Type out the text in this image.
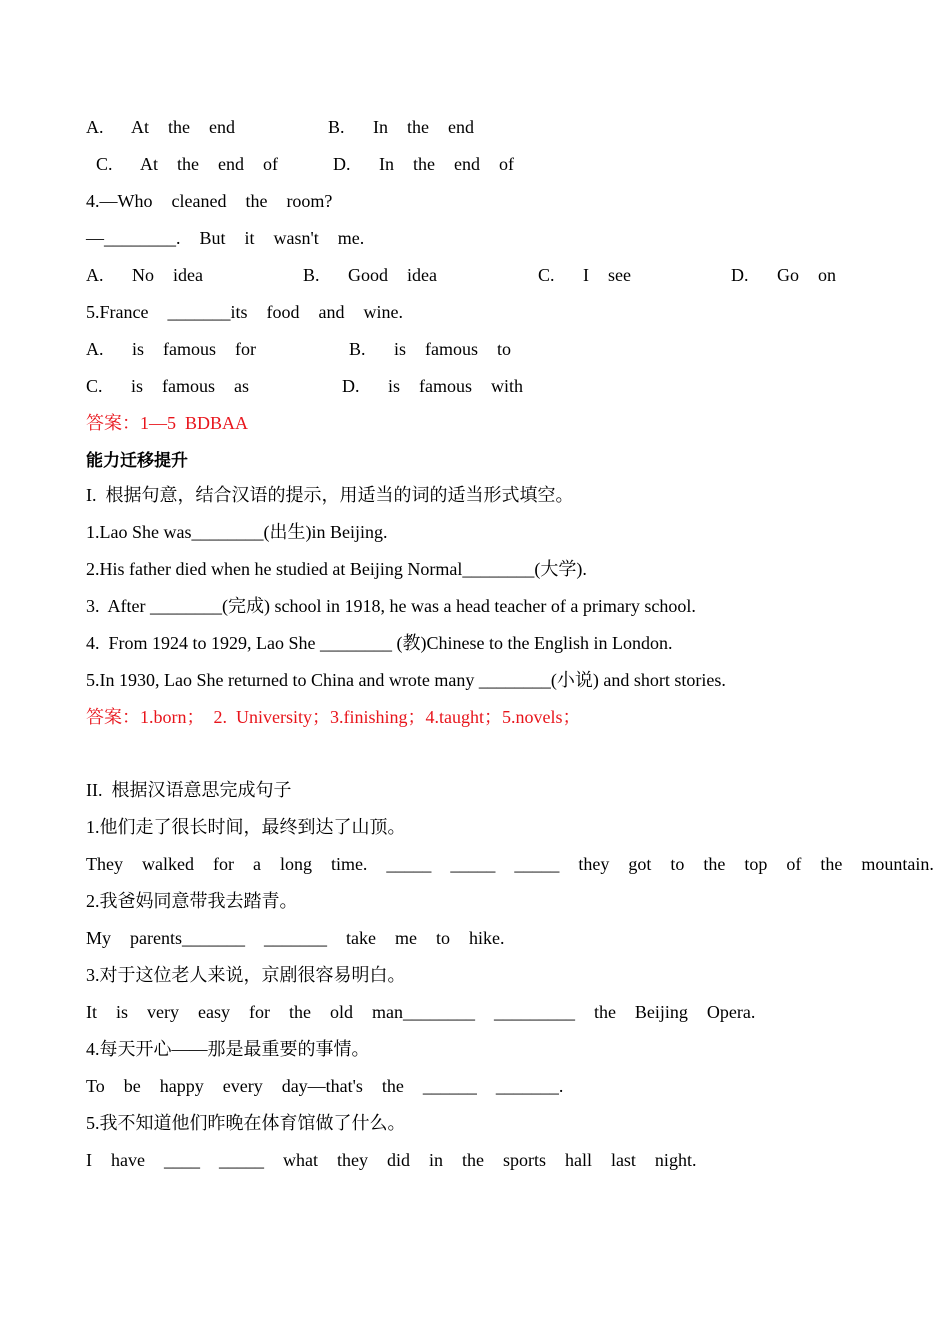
A.   At  the  end	B.   In  the  end
C.   At  the  end  of	D.   In  the  end  of
4.—Who  cleaned  the  room?
—________.  But  it  wasn't  me.
A.   No  idea	B.   Good  idea	C.   I  see	D.   Go  on
5.France  _______its  food  and  wine.
A.   is  famous  for	B.   is  famous  to
C.   is  famous  as	D.   is  famous  with
答案：1—5  BDBAA
能力迁移提升
I.  根据句意，结合汉语的提示，用适当的词的适当形式填空。
1.Lao She was________(出生)in Beijing.
2.His father died when he studied at Beijing Normal________(大学).
3.  After ________(完成) school in 1918, he was a head teacher of a primary school.
4.  From 1924 to 1929, Lao She ________ (教)Chinese to the English in London.
5.In 1930, Lao She returned to China and wrote many ________(小说) and short stories.
答案：1.born；  2.  University；3.finishing；4.taught；5.novels；
II.  根据汉语意思完成句子
1.他们走了很长时间，最终到达了山顶。
They  walked  for  a  long  time.  _____  _____  _____  they  got  to  the  top  of  the  mountain.
2.我爸妈同意带我去踏青。
My  parents_______  _______  take  me  to  hike.
3.对于这位老人来说，京剧很容易明白。
It  is  very  easy  for  the  old  man________  _________  the  Beijing  Opera.
4.每天开心——那是最重要的事情。
To  be  happy  every  day—that's  the  ______  _______.
5.我不知道他们昨晚在体育馆做了什么。
I  have  ____  _____  what  they  did  in  the  sports  hall  last  night.
